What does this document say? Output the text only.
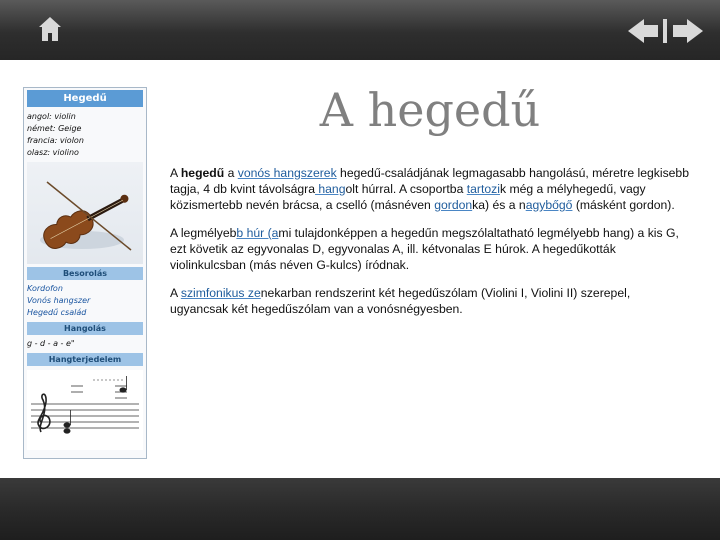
Hegedű
angol: violin
német: Geige
francia: violon
olasz: violino
Besorolás
Kordofon
Vonós hangszer
Hegedű család
Hangolás
g - d - a - e"
Hangterjedelem
A hegedű

A hegedű a vonós hangszerek hegedű-családjának legmagasabb hangolású, méretre legkisebb tagja, 4 db kvint távolságra hangolt húrral. A csoportba tartozik még a mélyhegedű, vagy közismertebb nevén brácsa, a cselló (másnéven gordonka) és a nagybőgő (másként gordon).

A legmélyebb húr (ami tulajdonképpen a hegedűn megszólaltatható legmélyebb hang) a kis G, ezt követik az egyvonalas D, egyvonalas A, ill. kétvonalas E húrok. A hegedűkották violinkulcsban (más néven G-kulcs) íródnak.

A szimfonikus zenekarban rendszerint két hegedűszólam (Violini I, Violini II) szerepel, ugyancsak két hegedűszólam van a vonósnégyesben.
